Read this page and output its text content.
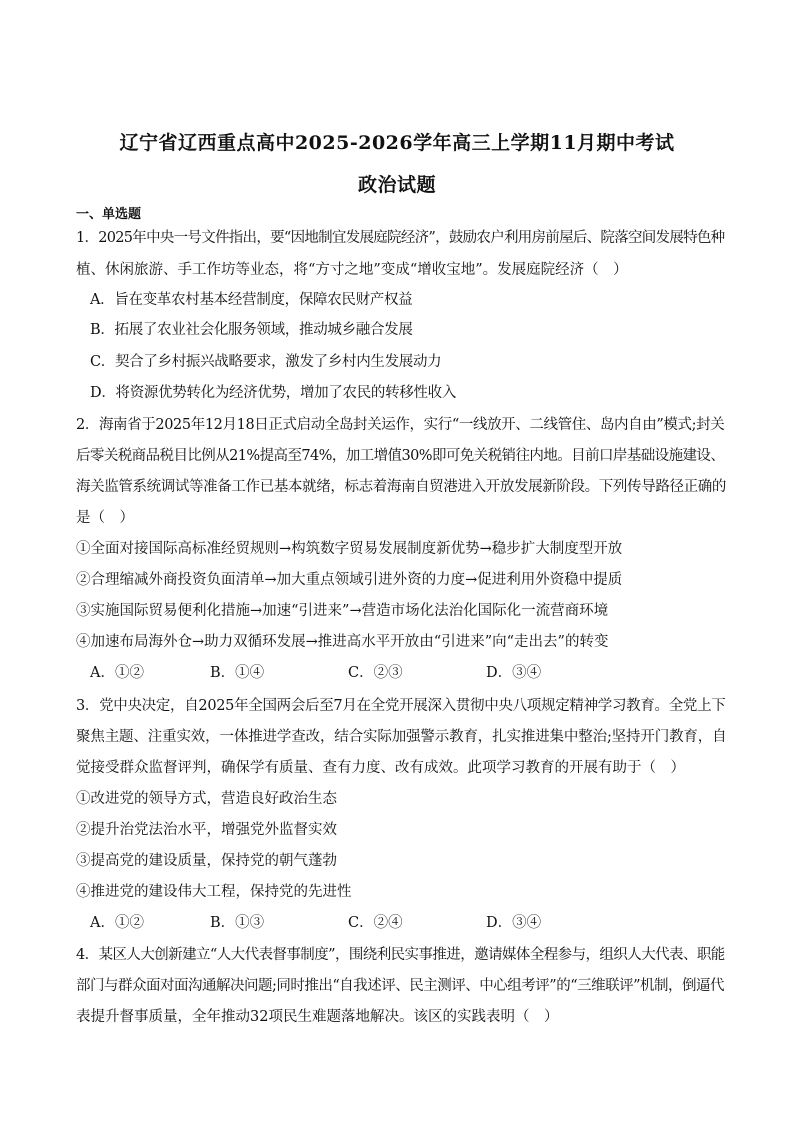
辽宁省辽西重点高中2025-2026学年高三上学期11月期中考试
政治试题
一、单选题
1．2025年中央一号文件指出，要“因地制宜发展庭院经济”，鼓励农户利用房前屋后、院落空间发展特色种
植、休闲旅游、手工作坊等业态，将“方寸之地”变成“增收宝地”。发展庭院经济（　）
A．旨在变革农村基本经营制度，保障农民财产权益
B．拓展了农业社会化服务领域，推动城乡融合发展
C．契合了乡村振兴战略要求，激发了乡村内生发展动力
D．将资源优势转化为经济优势，增加了农民的转移性收入
2．海南省于2025年12月18日正式启动全岛封关运作，实行“一线放开、二线管住、岛内自由”模式;封关
后零关税商品税目比例从21%提高至74%，加工增值30%即可免关税销往内地。目前口岸基础设施建设、
海关监管系统调试等准备工作已基本就绪，标志着海南自贸港进入开放发展新阶段。下列传导路径正确的
是（　）
①全面对接国际高标准经贸规则→构筑数字贸易发展制度新优势→稳步扩大制度型开放
②合理缩减外商投资负面清单→加大重点领域引进外资的力度→促进利用外资稳中提质
③实施国际贸易便利化措施→加速“引进来”→营造市场化法治化国际化一流营商环境
④加速布局海外仓→助力双循环发展→推进高水平开放由“引进来”向“走出去”的转变
A．①②	B．①④	C．②③	D．③④
3．党中央决定，自2025年全国两会后至7月在全党开展深入贯彻中央八项规定精神学习教育。全党上下
聚焦主题、注重实效，一体推进学查改，结合实际加强警示教育，扎实推进集中整治;坚持开门教育，自
觉接受群众监督评判，确保学有质量、查有力度、改有成效。此项学习教育的开展有助于（　）
①改进党的领导方式，营造良好政治生态
②提升治党法治水平，增强党外监督实效
③提高党的建设质量，保持党的朝气蓬勃
④推进党的建设伟大工程，保持党的先进性
A．①②	B．①③	C．②④	D．③④
4．某区人大创新建立“人大代表督事制度”，围绕利民实事推进，邀请媒体全程参与，组织人大代表、职能
部门与群众面对面沟通解决问题;同时推出“自我述评、民主测评、中心组考评”的“三维联评”机制，倒逼代
表提升督事质量，全年推动32项民生难题落地解决。该区的实践表明（　）
